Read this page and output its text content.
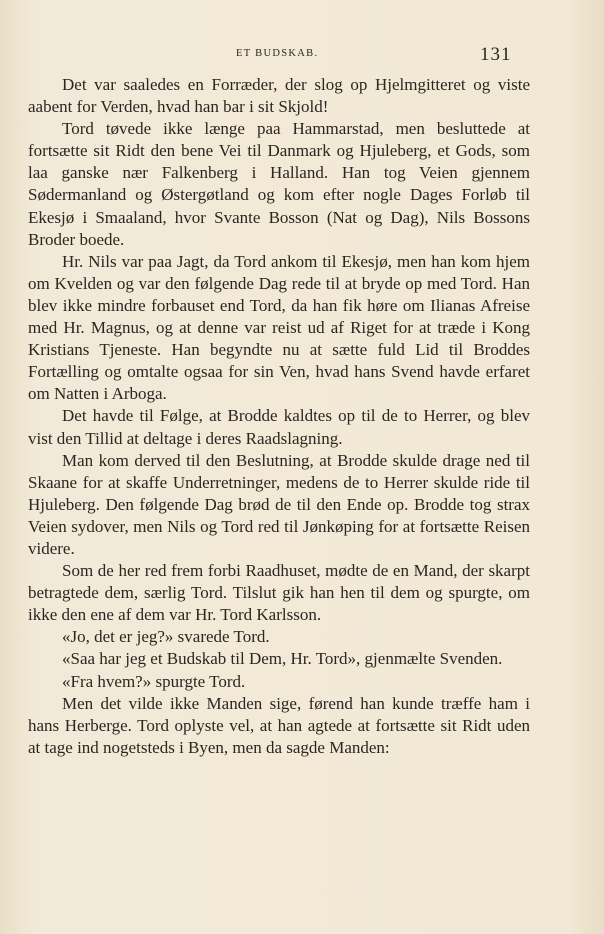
ET BUDSKAB.	131

Det var saaledes en Forræder, der slog op Hjelmgitteret og viste aabent for Verden, hvad han bar i sit Skjold!

Tord tøvede ikke længe paa Hammarstad, men besluttede at fortsætte sit Ridt den bene Vei til Danmark og Hjuleberg, et Gods, som laa ganske nær Falkenberg i Halland. Han tog Veien gjennem Sødermanland og Østergøtland og kom efter nogle Dages Forløb til Ekesjø i Smaaland, hvor Svante Bosson (Nat og Dag), Nils Bossons Broder boede.

Hr. Nils var paa Jagt, da Tord ankom til Ekesjø, men han kom hjem om Kvelden og var den følgende Dag rede til at bryde op med Tord. Han blev ikke mindre forbauset end Tord, da han fik høre om Ilianas Afreise med Hr. Magnus, og at denne var reist ud af Riget for at træde i Kong Kristians Tjeneste. Han begyndte nu at sætte fuld Lid til Broddes Fortælling og omtalte ogsaa for sin Ven, hvad hans Svend havde erfaret om Natten i Arboga.

Det havde til Følge, at Brodde kaldtes op til de to Herrer, og blev vist den Tillid at deltage i deres Raadslagning.

Man kom derved til den Beslutning, at Brodde skulde drage ned til Skaane for at skaffe Underretninger, medens de to Herrer skulde ride til Hjuleberg. Den følgende Dag brød de til den Ende op. Brodde tog strax Veien sydover, men Nils og Tord red til Jønkøping for at fortsætte Reisen videre.

Som de her red frem forbi Raadhuset, mødte de en Mand, der skarpt betragtede dem, særlig Tord. Tilslut gik han hen til dem og spurgte, om ikke den ene af dem var Hr. Tord Karlsson.

«Jo, det er jeg?» svarede Tord.

«Saa har jeg et Budskab til Dem, Hr. Tord», gjenmælte Svenden.

«Fra hvem?» spurgte Tord.

Men det vilde ikke Manden sige, førend han kunde træffe ham i hans Herberge. Tord oplyste vel, at han agtede at fortsætte sit Ridt uden at tage ind nogetsteds i Byen, men da sagde Manden:
